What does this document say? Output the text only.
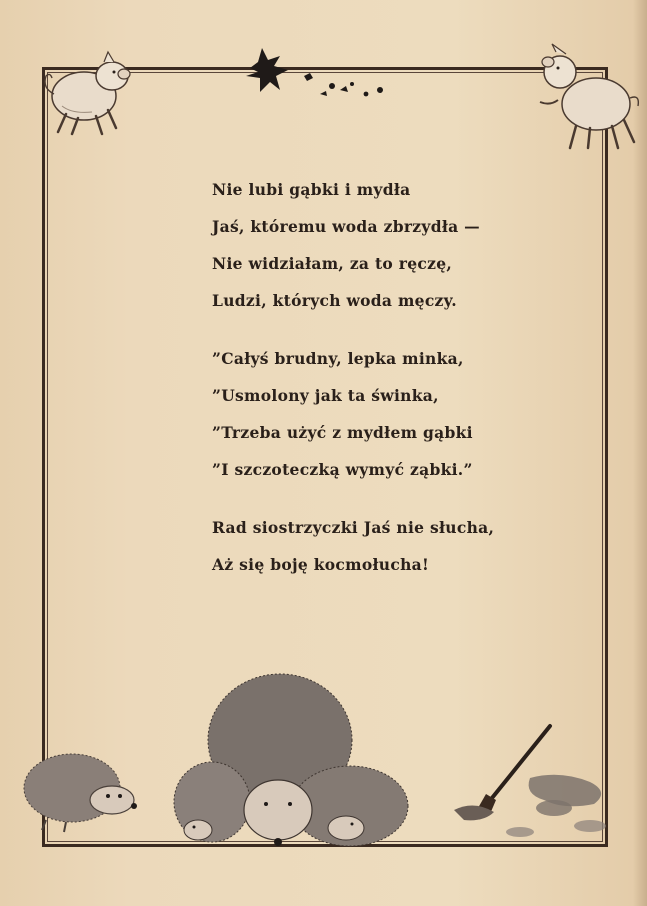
Nie lubi gąbki i mydła
Jaś, któremu woda zbrzydła —
Nie widziałam, za to ręczę,
Ludzi, których woda męczy.
”Całyś brudny, lepka minka,
”Usmolony jak ta świnka,
”Trzeba użyć z mydłem gąbki
”I szczoteczką wymyć ząbki.”
Rad siostrzyczki Jaś nie słucha,
Aż się boję kocmołucha!
